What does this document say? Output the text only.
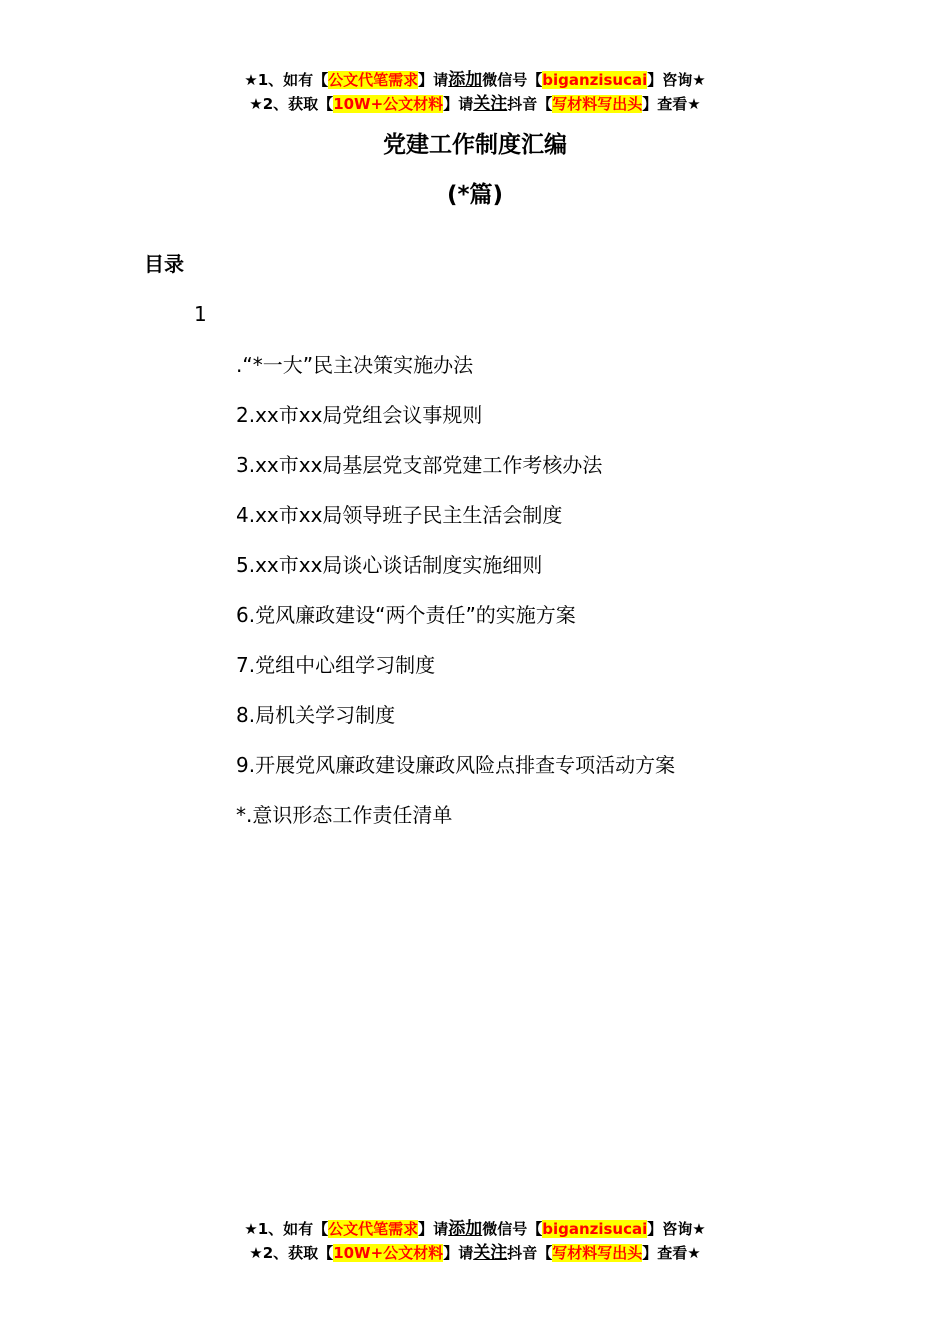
★1、如有【公文代笔需求】请添加微信号【biganzisucai】咨询★
★2、获取【10W+公文材料】请关注抖音【写材料写出头】查看★
党建工作制度汇编
(*篇)
目录
1
.“*一大”民主决策实施办法
2.xx市xx局党组会议事规则
3.xx市xx局基层党支部党建工作考核办法
4.xx市xx局领导班子民主生活会制度
5.xx市xx局谈心谈话制度实施细则
6.党风廉政建设“两个责任”的实施方案
7.党组中心组学习制度
8.局机关学习制度
9.开展党风廉政建设廉政风险点排查专项活动方案
*.意识形态工作责任清单
★1、如有【公文代笔需求】请添加微信号【biganzisucai】咨询★
★2、获取【10W+公文材料】请关注抖音【写材料写出头】查看★
